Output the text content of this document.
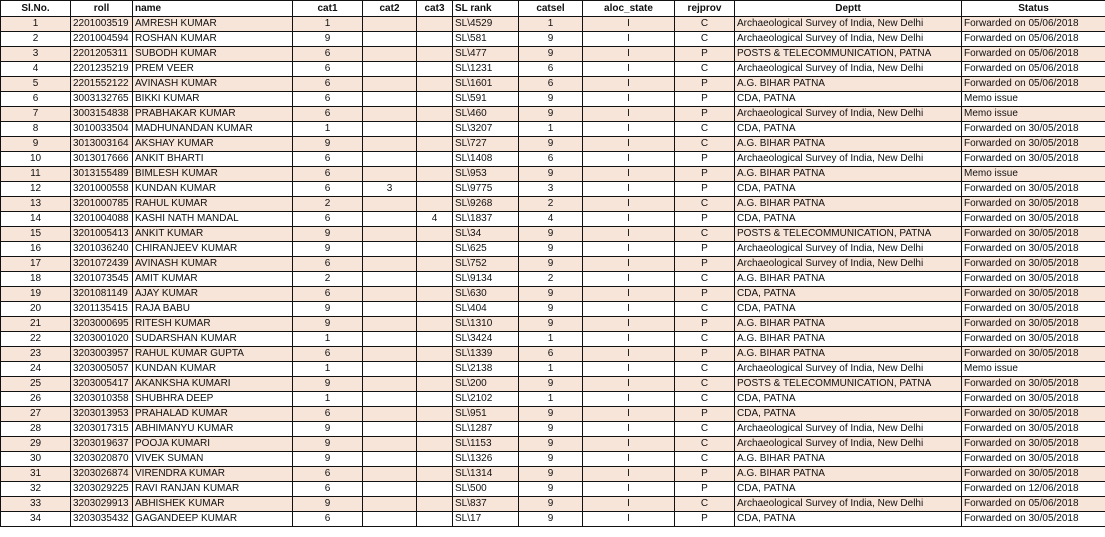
Sl.No.	roll	name	cat1	cat2	cat3	SL rank	catsel	aloc_state	rejprov	Deptt	Status
1	2201003519	AMRESH KUMAR	1			SL\4529	1	I	C	Archaeological Survey of India, New Delhi	Forwarded on 05/06/2018
2	2201004594	ROSHAN KUMAR	9			SL\581	9	I	C	Archaeological Survey of India, New Delhi	Forwarded on 05/06/2018
3	2201205311	SUBODH KUMAR	6			SL\477	9	I	P	POSTS & TELECOMMUNICATION, PATNA	Forwarded on 05/06/2018
4	2201235219	PREM VEER	6			SL\1231	6	I	C	Archaeological Survey of India, New Delhi	Forwarded on 05/06/2018
5	2201552122	AVINASH KUMAR	6			SL\1601	6	I	P	A.G. BIHAR PATNA	Forwarded on 05/06/2018
6	3003132765	BIKKI KUMAR	6			SL\591	9	I	P	CDA, PATNA	Memo issue
7	3003154838	PRABHAKAR KUMAR	6			SL\460	9	I	P	Archaeological Survey of India, New Delhi	Memo issue
8	3010033504	MADHUNANDAN KUMAR	1			SL\3207	1	I	C	CDA, PATNA	Forwarded on 30/05/2018
9	3013003164	AKSHAY KUMAR	9			SL\727	9	I	C	A.G. BIHAR PATNA	Forwarded on 30/05/2018
10	3013017666	ANKIT BHARTI	6			SL\1408	6	I	P	Archaeological Survey of India, New Delhi	Forwarded on 30/05/2018
11	3013155489	BIMLESH KUMAR	6			SL\953	9	I	P	A.G. BIHAR PATNA	Memo issue
12	3201000558	KUNDAN KUMAR	6	3		SL\9775	3	I	P	CDA, PATNA	Forwarded on 30/05/2018
13	3201000785	RAHUL KUMAR	2			SL\9268	2	I	C	A.G. BIHAR PATNA	Forwarded on 30/05/2018
14	3201004088	KASHI NATH MANDAL	6		4	SL\1837	4	I	P	CDA, PATNA	Forwarded on 30/05/2018
15	3201005413	ANKIT KUMAR	9			SL\34	9	I	C	POSTS & TELECOMMUNICATION, PATNA	Forwarded on 30/05/2018
16	3201036240	CHIRANJEEV KUMAR	9			SL\625	9	I	P	Archaeological Survey of India, New Delhi	Forwarded on 30/05/2018
17	3201072439	AVINASH KUMAR	6			SL\752	9	I	P	Archaeological Survey of India, New Delhi	Forwarded on 30/05/2018
18	3201073545	AMIT KUMAR	2			SL\9134	2	I	C	A.G. BIHAR PATNA	Forwarded on 30/05/2018
19	3201081149	AJAY KUMAR	6			SL\630	9	I	P	CDA, PATNA	Forwarded on 30/05/2018
20	3201135415	RAJA BABU	9			SL\404	9	I	C	CDA, PATNA	Forwarded on 30/05/2018
21	3203000695	RITESH KUMAR	9			SL\1310	9	I	P	A.G. BIHAR PATNA	Forwarded on 30/05/2018
22	3203001020	SUDARSHAN KUMAR	1			SL\3424	1	I	C	A.G. BIHAR PATNA	Forwarded on 30/05/2018
23	3203003957	RAHUL KUMAR GUPTA	6			SL\1339	6	I	P	A.G. BIHAR PATNA	Forwarded on 30/05/2018
24	3203005057	KUNDAN KUMAR	1			SL\2138	1	I	C	Archaeological Survey of India, New Delhi	Memo issue
25	3203005417	AKANKSHA KUMARI	9			SL\200	9	I	C	POSTS & TELECOMMUNICATION, PATNA	Forwarded on 30/05/2018
26	3203010358	SHUBHRA DEEP	1			SL\2102	1	I	C	CDA, PATNA	Forwarded on 30/05/2018
27	3203013953	PRAHALAD KUMAR	6			SL\951	9	I	P	CDA, PATNA	Forwarded on 30/05/2018
28	3203017315	ABHIMANYU KUMAR	9			SL\1287	9	I	C	Archaeological Survey of India, New Delhi	Forwarded on 30/05/2018
29	3203019637	POOJA KUMARI	9			SL\1153	9	I	C	Archaeological Survey of India, New Delhi	Forwarded on 30/05/2018
30	3203020870	VIVEK SUMAN	9			SL\1326	9	I	C	A.G. BIHAR PATNA	Forwarded on 30/05/2018
31	3203026874	VIRENDRA KUMAR	6			SL\1314	9	I	P	A.G. BIHAR PATNA	Forwarded on 30/05/2018
32	3203029225	RAVI RANJAN KUMAR	6			SL\500	9	I	P	CDA, PATNA	Forwarded on 12/06/2018
33	3203029913	ABHISHEK KUMAR	9			SL\837	9	I	C	Archaeological Survey of India, New Delhi	Forwarded on 05/06/2018
34	3203035432	GAGANDEEP KUMAR	6			SL\17	9	I	P	CDA, PATNA	Forwarded on 30/05/2018
